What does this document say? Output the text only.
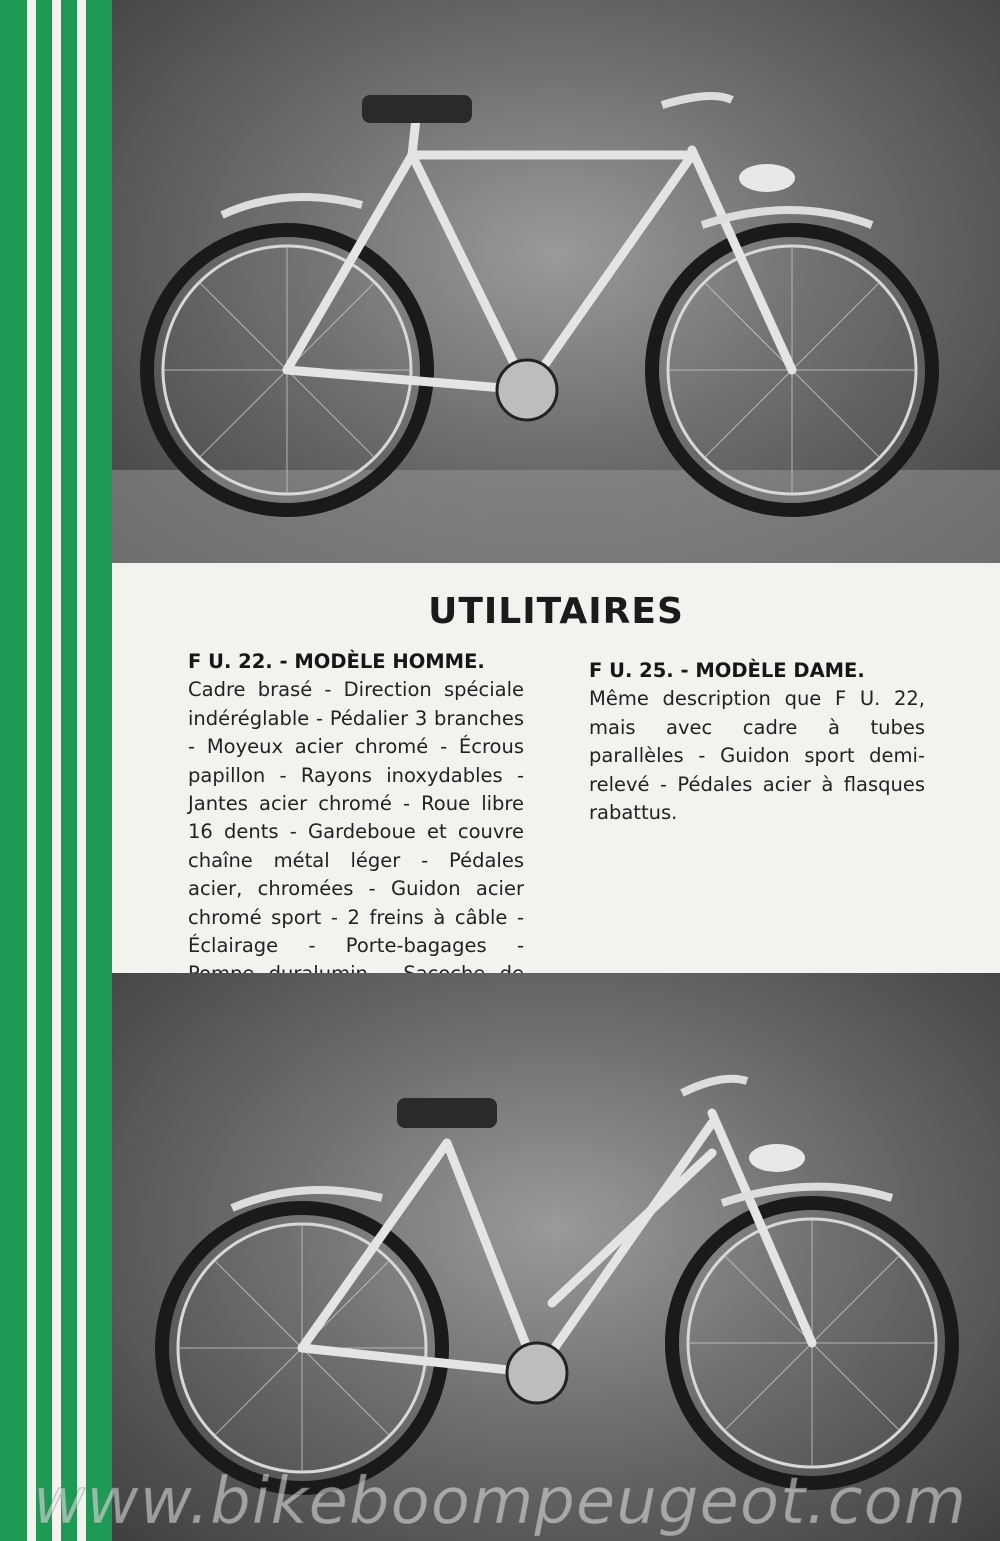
UTILITAIRES

F U. 22. - MODÈLE HOMME.

Cadre brasé - Direction spéciale indéréglable - Pédalier 3 branches - Moyeux acier chromé - Écrous papillon - Rayons inoxydables - Jantes acier chromé - Roue libre 16 dents - Gardeboue et couvre chaîne métal léger - Pédales acier, chromées - Guidon acier chromé sport - 2 freins à câble - Éclairage - Porte-bagages -

F U. 25. - MODÈLE DAME.

Même description que F U. 22, mais avec cadre à tubes parallèles - Guidon sport demi-relevé - Pédales acier à flasques rabattus.

www.bikeboompeugeot.com
